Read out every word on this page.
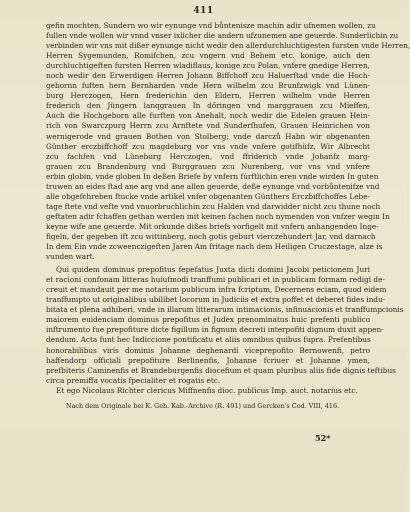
411
gefin mochten, Sundern wo wir eynunge vnd bůntenisze machin adir ufnemen wollen, zu
fullen vnde wollen wir vnnd vnser ixlicher die andern ufzunemen ane geuerde. Sunderlichin zu
verbinden wir vns mit dißer eynunge nicht wedir den allerdurchluchtigesten fursten vnde Herren,
Herren Sygemunden, Romifchen, zcu vngern vnd Behem etc. konige, auch den
durchluchtigeften fursten Herren wladiflaus, konige zcu Polan, vnfere gnedige Herren,
noch wedir den Erwerdigen Herren Johann Biffchoff zcu Haluerftad vnde die Hoch-
gebornn fuften hern Bernharden vnde Hern wilhelm zcu Brunfzwigk vnd Lünen-
burg Herczogen, Hern frederichin den Eldern, Herren wilhelm vnde Herren
frederich den Jüngern lanqgrauen In dőringen vnd marggrauen zcu Mieffen,
Auch die Hochgeborn alle furften von Anehalt, noch wedir die Edelen grauen Hein-
rich von Swarczpurg Herrn zcu Arnftete vnd Sunderfhufen, Grauen Heinrichen von
wernigerode vnd grauen Bothen von Stolberg; vnde darczů Habn wir obgenanten
Günther erczbiffchoff zcu magdeburg vor vns vnde vnfere gotifhüfz, Wir Albrecht
zcu fachfen vnd Lüneburg Herczogen, vnd ffriderich vnde Johanfz marg-
grauen zcu Brandenburg vnd Burggrauen zcu Nurenberg, vor vns vnd vnfere
erbin globin, vnde globen In deßen Briefe by vnfern fúrftlichin eren vnde wirden In guten
truwen an eides ftad ane arg vnd ane allen geuerde, deße eynunge vnd vorbůntenifze vnd
alle obgefchreben ftucke vnde artikel vnfer obgenanten Günthers Erczbiffchoffes Lebe-
tage ftete vnd vefte vnd vnuorbruchlichin zcu Halden vnd darwidder nicht zcu thune noch
geftaten adir fchaffen gethan werden mit keinen fachen noch nymenden von vnfzer wegin In
keyne wife ane geuerde. Mit orkunde dißes briefs vorfigelt mit vnfern anhangenden Inge-
figeln, der gegeben ift zcu wittinberg, noch gotis geburt vierczehundert Jar, vnd darnach
In dem Ein vnde zcweenczigeften Jaren Am fritage nach dem Heiligen Cruczestage, alze is
vunden wart.
Qui quidem dominus prepofitus fepefatus Juxta dicti domini Jacobi peticionem Juri
et racioni confonam litteras huiufmodi tranffumi publicari et in publicam formam redigi de-
creuit et mandauit per me notarium publicum infra fcriptum, Decernens eciam, quod eidem
tranffumpto ut originalibus ubilibet locorum in Judiciis et extra poffet et deberet fides indu-
bitata et plena adhiberi, vnde in illarum litterarum intimacionis, infinuacionis et tranffumpcionis
maiorem euidenciam dominus prepofitus et Judex prenominatus huic prefenti publico
inftrumento fue prepofiture dicte figillum in fignum decreti interpofiti dignum duxit appen-
dendum. Acta funt hec Indiccione pontificatu et aliis omnibus quibus fupra. Prefentibus
honorabilibus viris dominis Johanne deghenardi viceprepofito Bernowenfi, petro
haffendorp officiali prepofiture Berlinenfis, Johanne fcriuer et Johanne ymen,
prefbiteris Caminenfis et Brandeburgenfis diocefium et quam pluribus aliis fide dignis teftibus
circa premiffa vocatis fpecialiter et rogatis etc.
Et ego Nicolaus Richter clericus Miffnenfis dioc. publicus Imp. auct. notarius etc.
Nach dem Originale bei K. Geh. Kab.-Archive (R. 491) und Gercken's Cod. VIII, 416.
52*
